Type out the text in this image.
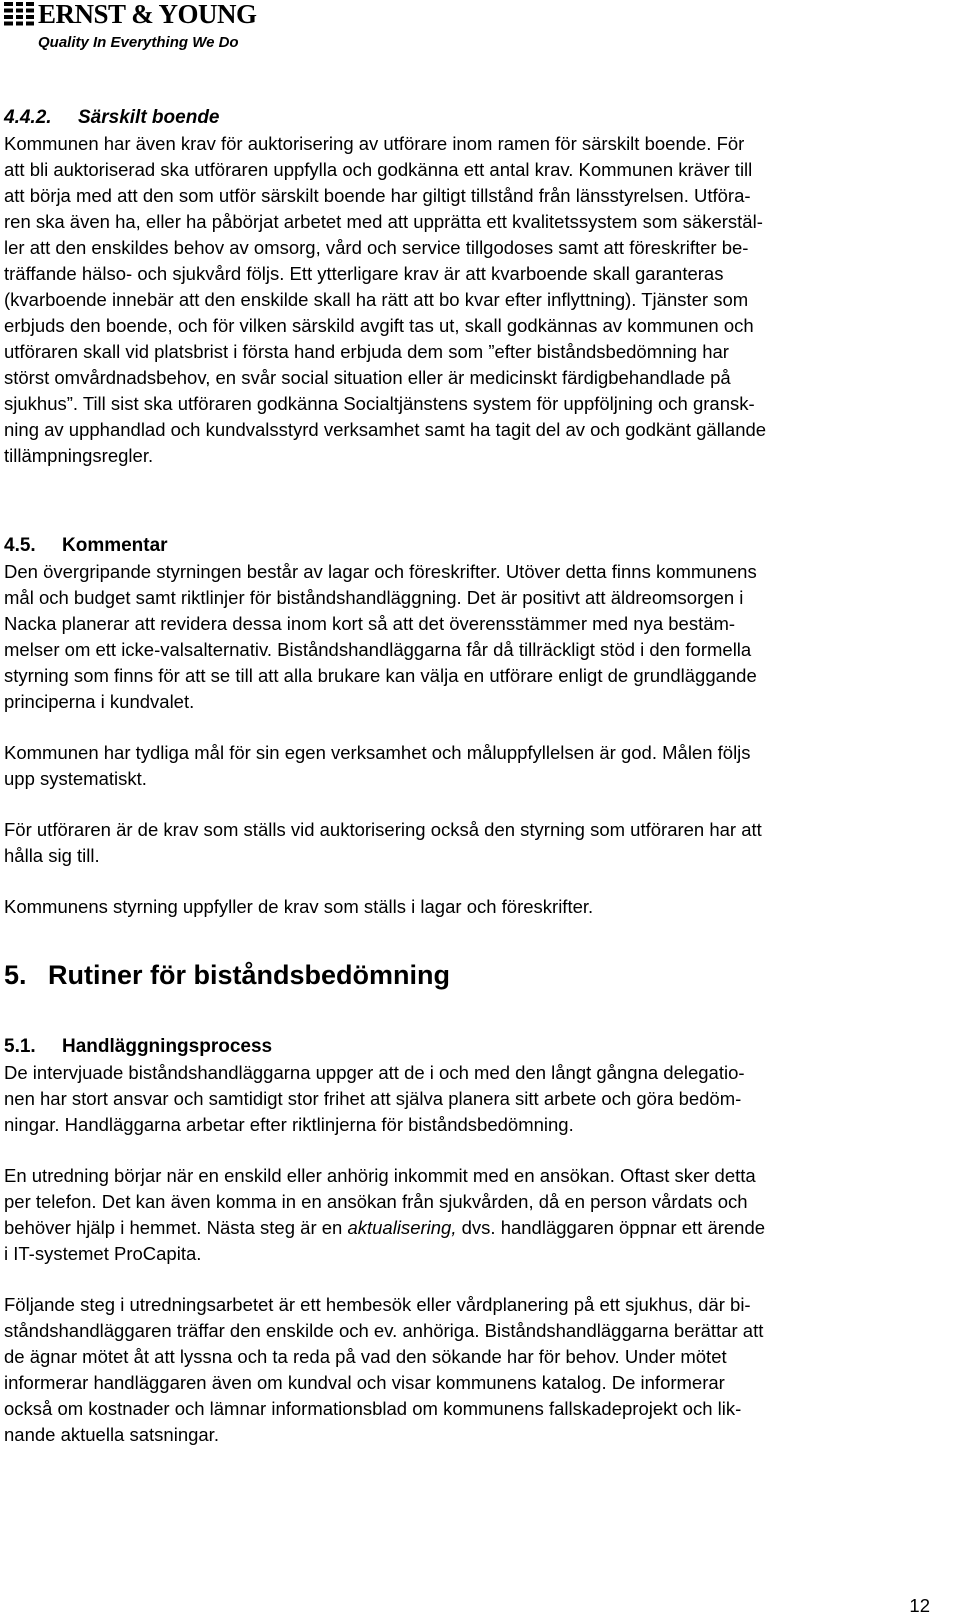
ERNST & YOUNG
Quality In Everything We Do
4.4.2. Särskilt boende

Kommunen har även krav för auktorisering av utförare inom ramen för särskilt boende. För
att bli auktoriserad ska utföraren uppfylla och godkänna ett antal krav. Kommunen kräver till
att börja med att den som utför särskilt boende har giltigt tillstånd från länsstyrelsen. Utföra-
ren ska även ha, eller ha påbörjat arbetet med att upprätta ett kvalitetssystem som säkerstäl-
ler att den enskildes behov av omsorg, vård och service tillgodoses samt att föreskrifter be-
träffande hälso- och sjukvård följs. Ett ytterligare krav är att kvarboende skall garanteras
(kvarboende innebär att den enskilde skall ha rätt att bo kvar efter inflyttning). Tjänster som
erbjuds den boende, och för vilken särskild avgift tas ut, skall godkännas av kommunen och
utföraren skall vid platsbrist i första hand erbjuda dem som ”efter biståndsbedömning har
störst omvårdnadsbehov, en svår social situation eller är medicinskt färdigbehandlade på
sjukhus”. Till sist ska utföraren godkänna Socialtjänstens system för uppföljning och gransk-
ning av upphandlad och kundvalsstyrd verksamhet samt ha tagit del av och godkänt gällande
tillämpningsregler.

4.5. Kommentar

Den övergripande styrningen består av lagar och föreskrifter. Utöver detta finns kommunens
mål och budget samt riktlinjer för biståndshandläggning. Det är positivt att äldreomsorgen i
Nacka planerar att revidera dessa inom kort så att det överensstämmer med nya bestäm-
melser om ett icke-valsalternativ. Biståndshandläggarna får då tillräckligt stöd i den formella
styrning som finns för att se till att alla brukare kan välja en utförare enligt de grundläggande
principerna i kundvalet.

Kommunen har tydliga mål för sin egen verksamhet och måluppfyllelsen är god. Målen följs
upp systematiskt.

För utföraren är de krav som ställs vid auktorisering också den styrning som utföraren har att
hålla sig till.

Kommunens styrning uppfyller de krav som ställs i lagar och föreskrifter.

5. Rutiner för biståndsbedömning
5.1. Handläggningsprocess

De intervjuade biståndshandläggarna uppger att de i och med den långt gångna delegatio-
nen har stort ansvar och samtidigt stor frihet att själva planera sitt arbete och göra bedöm-
ningar. Handläggarna arbetar efter riktlinjerna för biståndsbedömning.

En utredning börjar när en enskild eller anhörig inkommit med en ansökan. Oftast sker detta
per telefon. Det kan även komma in en ansökan från sjukvården, då en person vårdats och
behöver hjälp i hemmet. Nästa steg är en aktualisering, dvs. handläggaren öppnar ett ärende
i IT-systemet ProCapita.

Följande steg i utredningsarbetet är ett hembesök eller vårdplanering på ett sjukhus, där bi-
ståndshandläggaren träffar den enskilde och ev. anhöriga. Biståndshandläggarna berättar att
de ägnar mötet åt att lyssna och ta reda på vad den sökande har för behov. Under mötet
informerar handläggaren även om kundval och visar kommunens katalog. De informerar
också om kostnader och lämnar informationsblad om kommunens fallskadeprojekt och lik-
nande aktuella satsningar.

12
